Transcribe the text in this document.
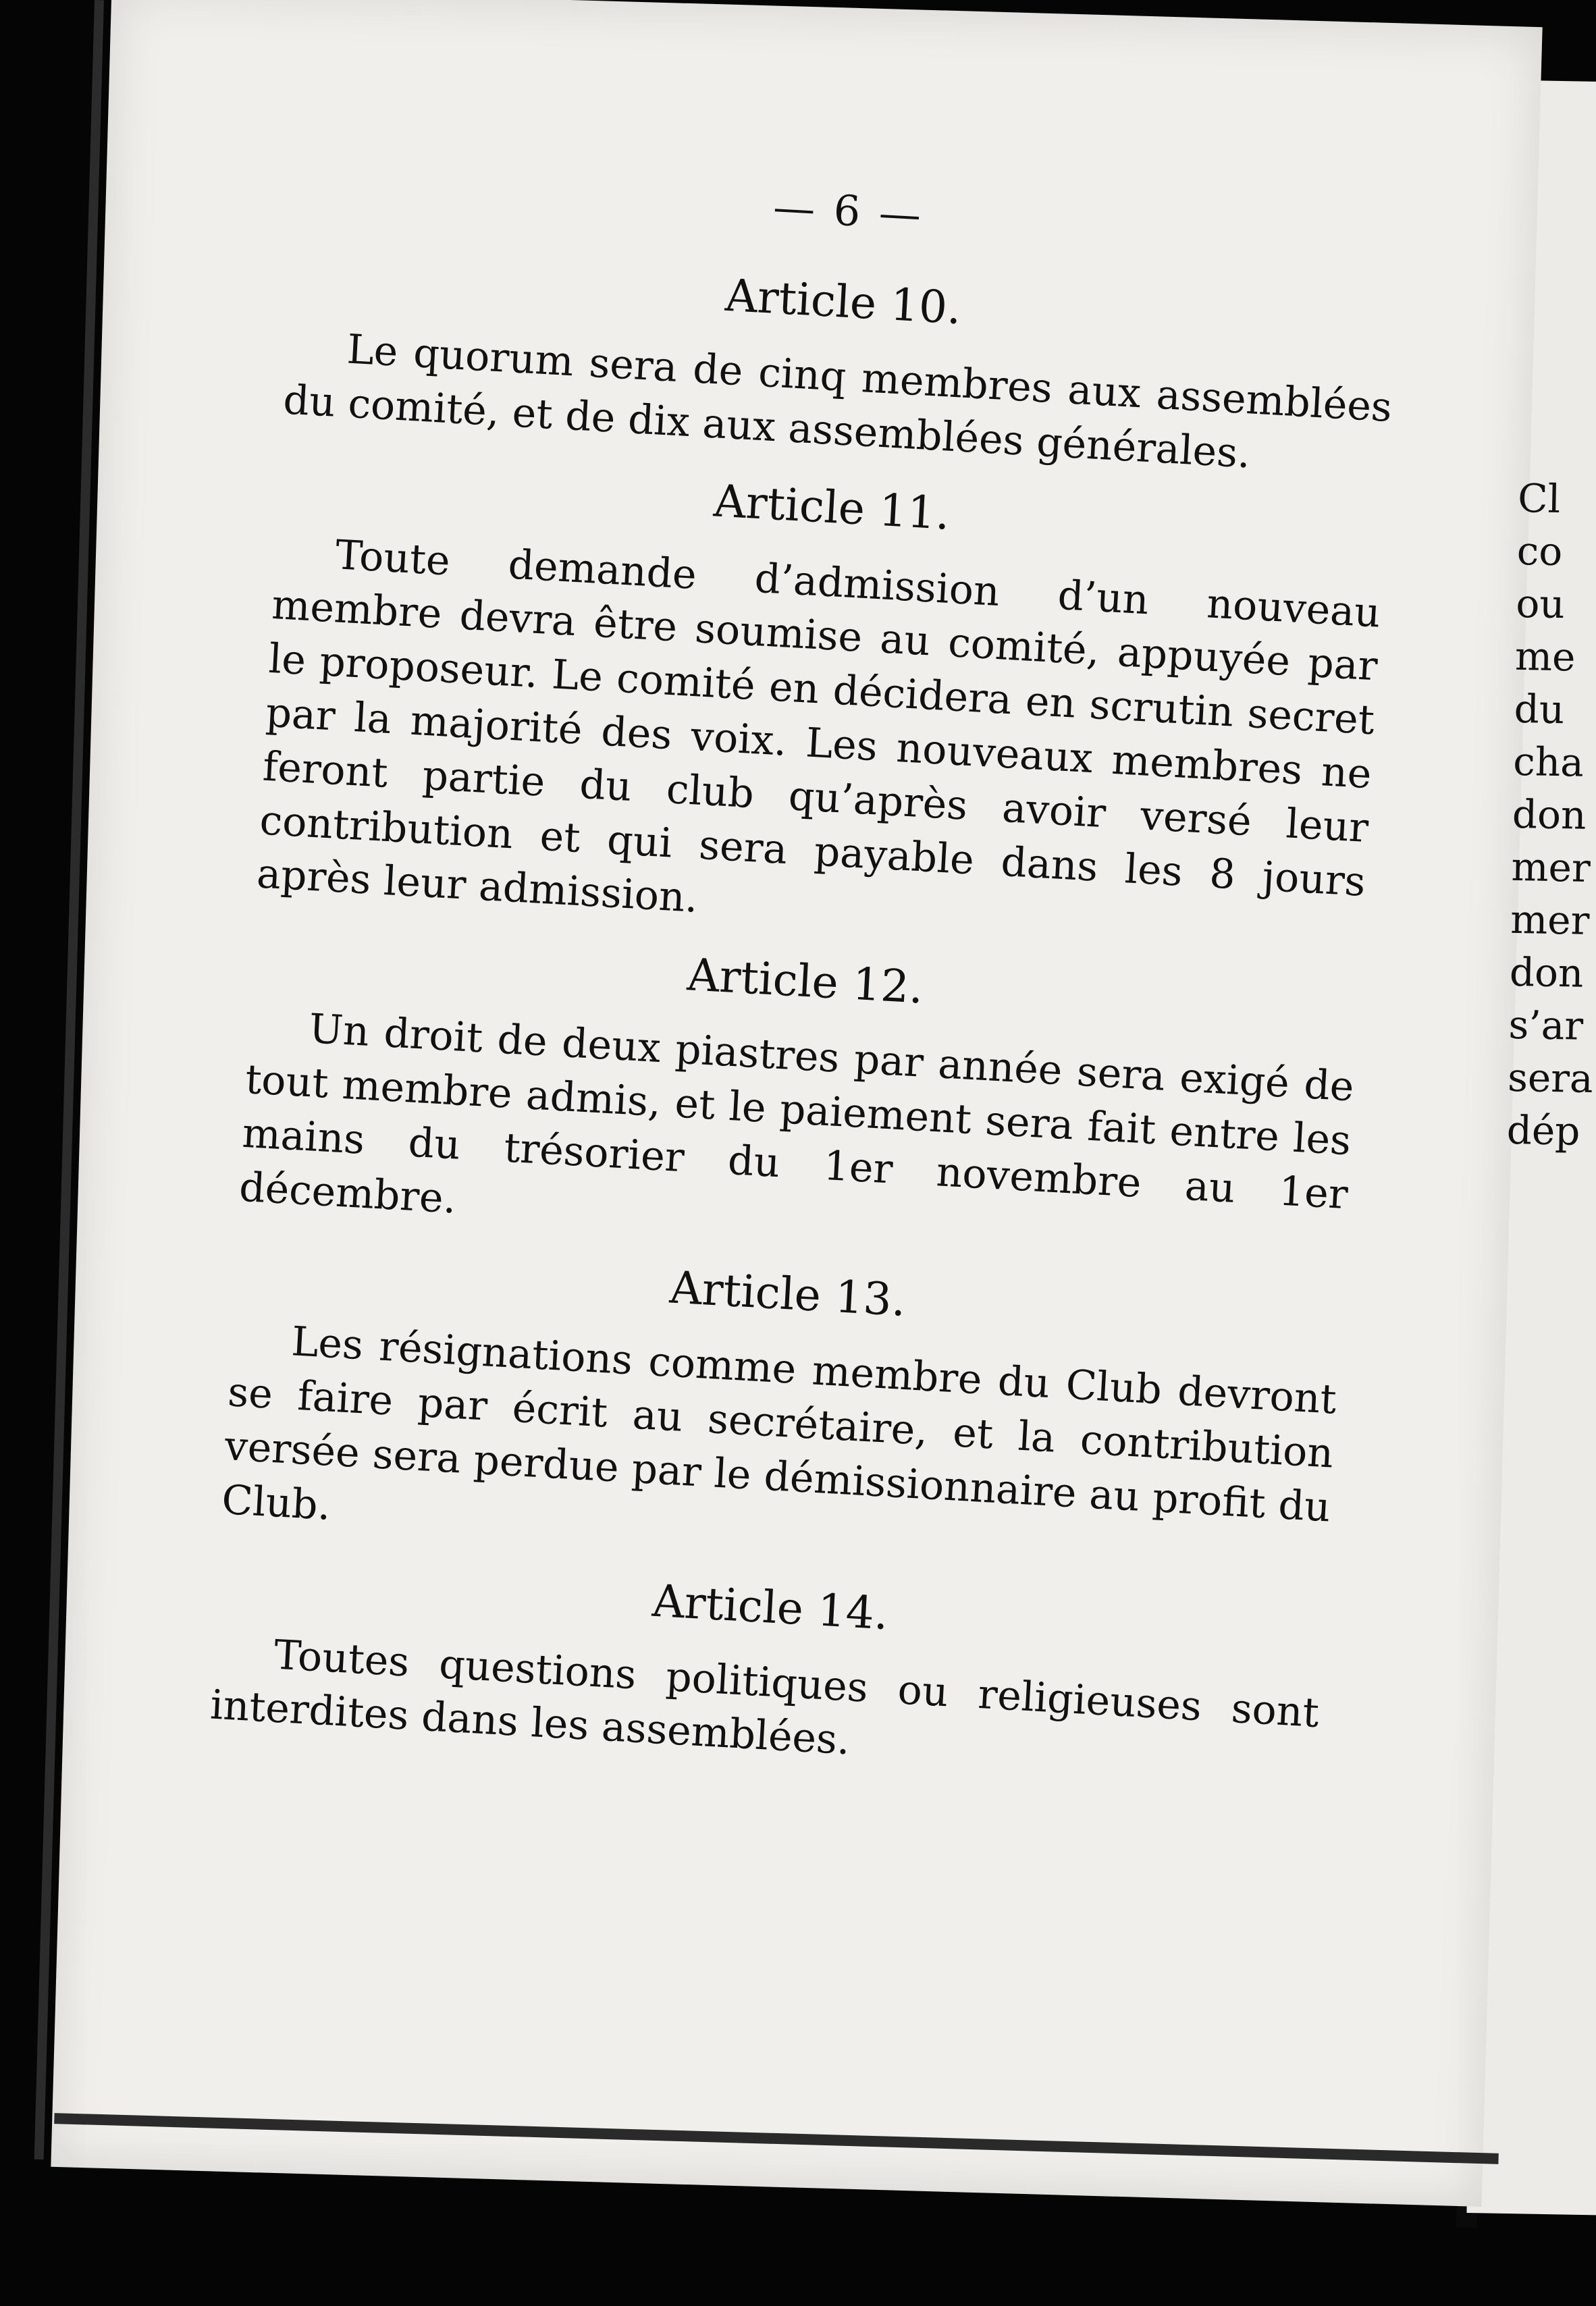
— 6 —
Article 10.

Le quorum sera de cinq membres aux assemblées du comité, et de dix aux assemblées générales.

Article 11.

Toute demande d’admission d’un nouveau membre devra être soumise au comité, appuyée par le proposeur. Le comité en décidera en scrutin secret par la majorité des voix. Les nouveaux membres ne feront partie du club qu’après avoir versé leur contribution et qui sera payable dans les 8 jours après leur admission.

Article 12.

Un droit de deux piastres par année sera exigé de tout membre admis, et le paiement sera fait entre les mains du trésorier du 1er novembre au 1er décembre.

Article 13.

Les résignations comme membre du Club devront se faire par écrit au secrétaire, et la contribution versée sera perdue par le démissionnaire au profit du Club.

Article 14.

Toutes questions politiques ou religieuses sont interdites dans les assemblées.

Cl
co
ou
me
du
cha
don
mer
mer
don
s’ar
sera
dép
